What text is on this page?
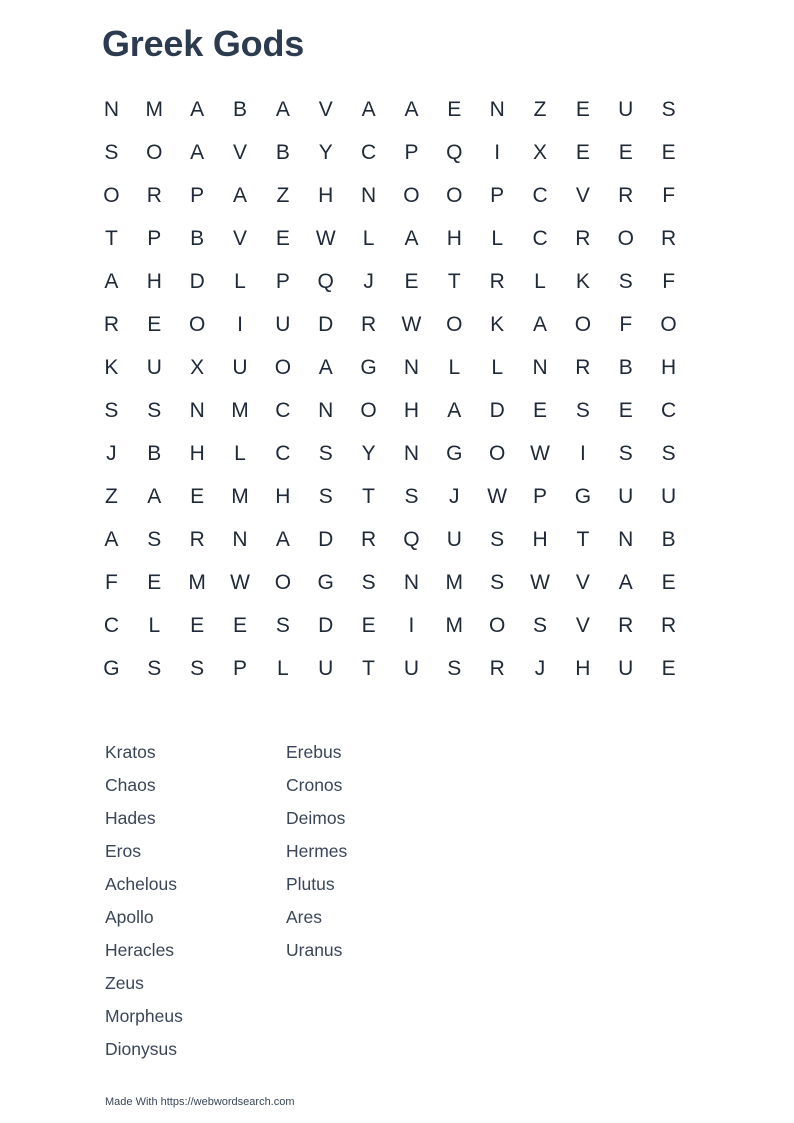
Greek Gods
N	M	A	B	A	V	A	A	E	N	Z	E	U	S
S	O	A	V	B	Y	C	P	Q	I	X	E	E	E
O	R	P	A	Z	H	N	O	O	P	C	V	R	F
T	P	B	V	E	W	L	A	H	L	C	R	O	R
A	H	D	L	P	Q	J	E	T	R	L	K	S	F
R	E	O	I	U	D	R	W	O	K	A	O	F	O
K	U	X	U	O	A	G	N	L	L	N	R	B	H
S	S	N	M	C	N	O	H	A	D	E	S	E	C
J	B	H	L	C	S	Y	N	G	O	W	I	S	S
Z	A	E	M	H	S	T	S	J	W	P	G	U	U
A	S	R	N	A	D	R	Q	U	S	H	T	N	B
F	E	M	W	O	G	S	N	M	S	W	V	A	E
C	L	E	E	S	D	E	I	M	O	S	V	R	R
G	S	S	P	L	U	T	U	S	R	J	H	U	E
Kratos
Chaos
Hades
Eros
Achelous
Apollo
Heracles
Zeus
Morpheus
Dionysus
Erebus
Cronos
Deimos
Hermes
Plutus
Ares
Uranus
Made With https://webwordsearch.com
